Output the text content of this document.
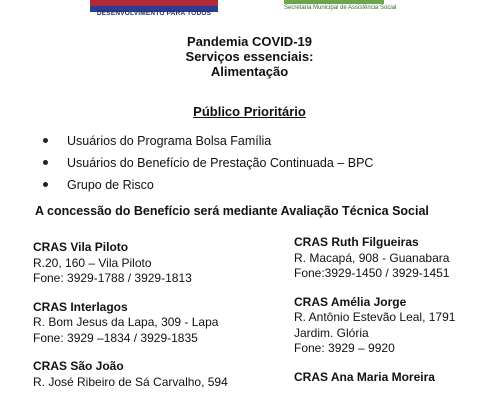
DESENVOLVIMENTO PARA TODOS
Secretaria Municipal de Assistência Social
Pandemia COVID-19
Serviços essenciais:
Alimentação
Público Prioritário
Usuários do Programa Bolsa Família
Usuários do Benefício de Prestação Continuada – BPC
Grupo de Risco
A concessão do Benefício será mediante Avaliação Técnica Social
CRAS Vila Piloto
R.20, 160 – Vila Piloto
Fone: 3929-1788 / 3929-1813
CRAS Interlagos
R. Bom Jesus da Lapa, 309 - Lapa
Fone: 3929 –1834 / 3929-1835
CRAS São João
R. José Ribeiro de Sá Carvalho, 594
CRAS Ruth Filgueiras
R. Macapá, 908 - Guanabara
Fone:3929-1450 / 3929-1451
CRAS Amélia Jorge
R. Antônio Estevão Leal, 1791
Jardim. Glória
Fone: 3929 – 9920
CRAS Ana Maria Moreira
